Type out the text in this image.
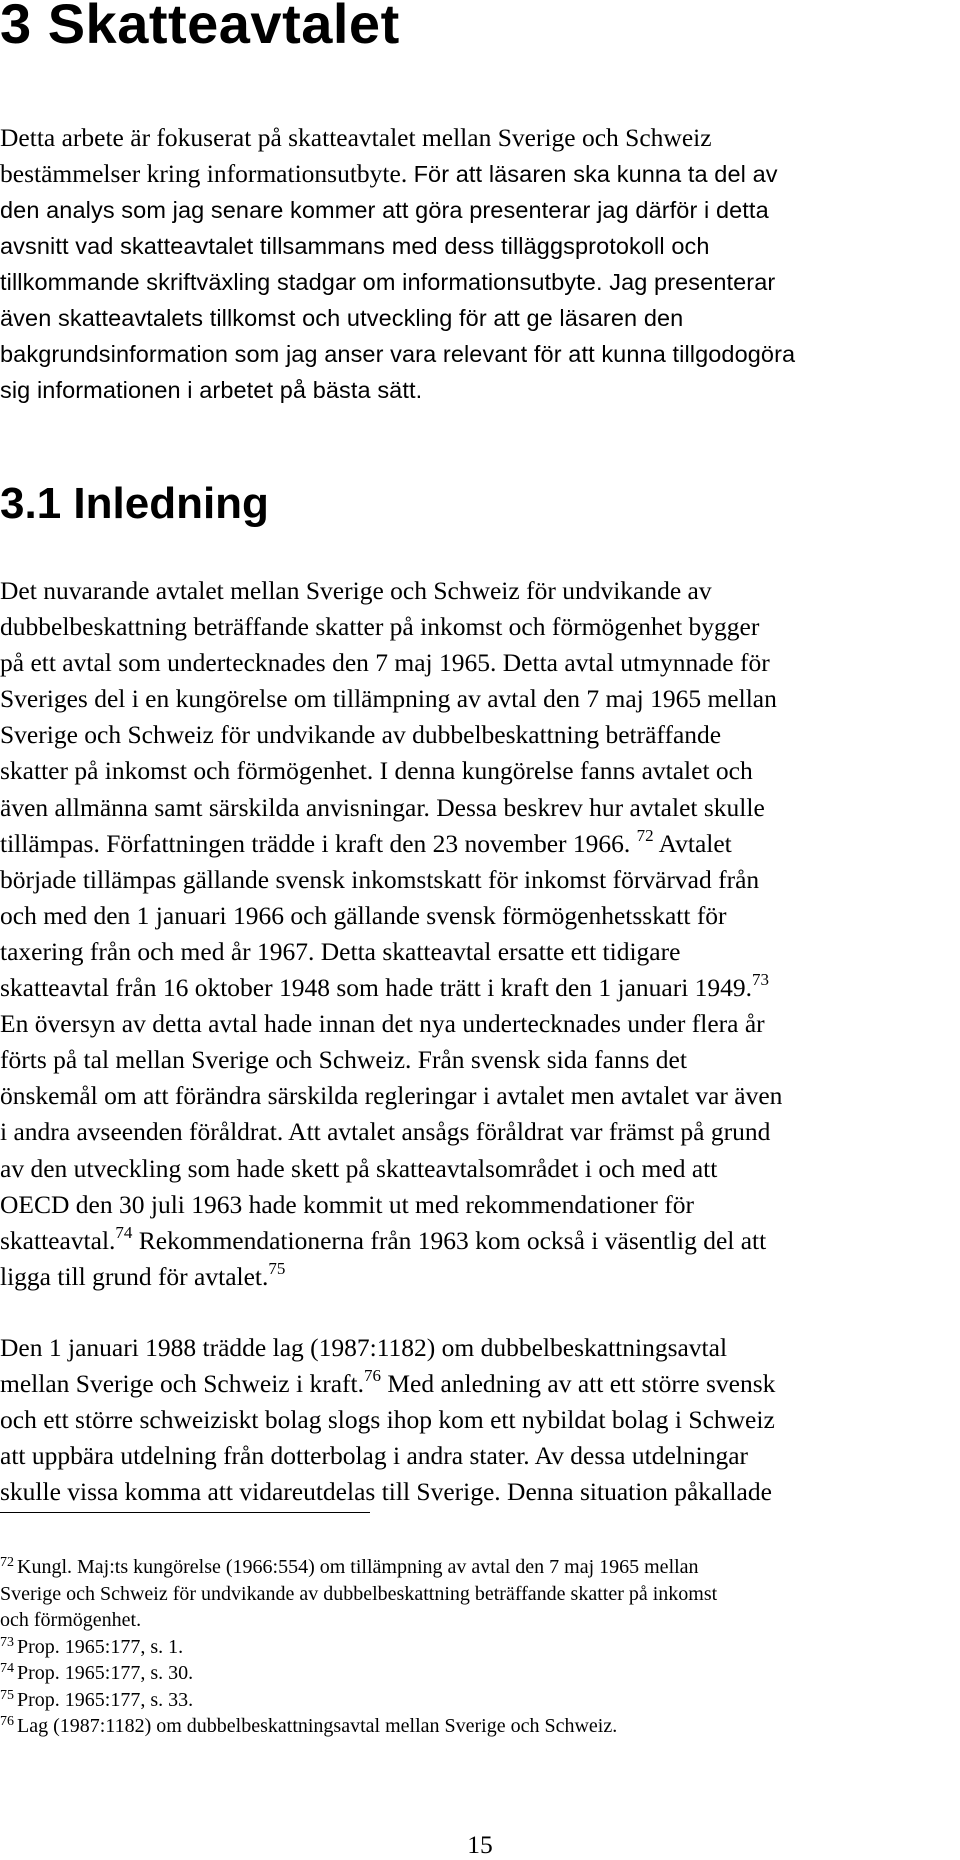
3 Skatteavtalet

Detta arbete är fokuserat på skatteavtalet mellan Sverige och Schweiz
bestämmelser kring informationsutbyte. För att läsaren ska kunna ta del av
den analys som jag senare kommer att göra presenterar jag därför i detta
avsnitt vad skatteavtalet tillsammans med dess tilläggsprotokoll och
tillkommande skriftväxling stadgar om informationsutbyte. Jag presenterar
även skatteavtalets tillkomst och utveckling för att ge läsaren den
bakgrundsinformation som jag anser vara relevant för att kunna tillgodogöra
sig informationen i arbetet på bästa sätt.

3.1 Inledning

Det nuvarande avtalet mellan Sverige och Schweiz för undvikande av
dubbelbeskattning beträffande skatter på inkomst och förmögenhet bygger
på ett avtal som undertecknades den 7 maj 1965. Detta avtal utmynnade för
Sveriges del i en kungörelse om tillämpning av avtal den 7 maj 1965 mellan
Sverige och Schweiz för undvikande av dubbelbeskattning beträffande
skatter på inkomst och förmögenhet. I denna kungörelse fanns avtalet och
även allmänna samt särskilda anvisningar. Dessa beskrev hur avtalet skulle
tillämpas. Författningen trädde i kraft den 23 november 1966. $^{72}$ Avtalet
började tillämpas gällande svensk inkomstskatt för inkomst förvärvad från
och med den 1 januari 1966 och gällande svensk förmögenhetsskatt för
taxering från och med år 1967. Detta skatteavtal ersatte ett tidigare
skatteavtal från 16 oktober 1948 som hade trätt i kraft den 1 januari 1949.73
En översyn av detta avtal hade innan det nya undertecknades under flera år
förts på tal mellan Sverige och Schweiz. Från svensk sida fanns det
önskemål om att förändra särskilda regleringar i avtalet men avtalet var även
i andra avseenden föråldrat. Att avtalet ansågs föråldrat var främst på grund
av den utveckling som hade skett på skatteavtalsområdet i och med att
OECD den 30 juli 1963 hade kommit ut med rekommendationer för
skatteavtal.$^{74}$ Rekommendationerna från 1963 kom också i väsentlig del att
ligga till grund för avtalet.$^{75}$

Den 1 januari 1988 trädde lag (1987:1182) om dubbelbeskattningsavtal
mellan Sverige och Schweiz i kraft.$^{76}$ Med anledning av att ett större svensk
och ett större schweiziskt bolag slogs ihop kom ett nybildat bolag i Schweiz
att uppbära utdelning från dotterbolag i andra stater. Av dessa utdelningar
skulle vissa komma att vidareutdelas till Sverige. Denna situation påkallade

$^{72}$ Kungl. Maj:ts kungörelse (1966:554) om tillämpning av avtal den 7 maj 1965 mellan
Sverige och Schweiz för undvikande av dubbelbeskattning beträffande skatter på inkomst
och förmögenhet.
$^{73}$ Prop. 1965:177, s. 1.
$^{74}$ Prop. 1965:177, s. 30.
$^{75}$ Prop. 1965:177, s. 33.
$^{76}$ Lag (1987:1182) om dubbelbeskattningsavtal mellan Sverige och Schweiz.
15
